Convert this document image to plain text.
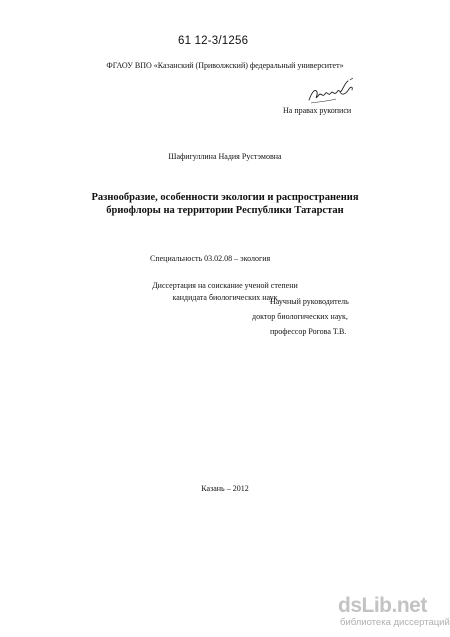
61 12-3/1256
ФГАОУ ВПО «Казанский (Приволжский) федеральный университет»
На правах рукописи
Шафигуллина Надия Рустэмовна
Разнообразие, особенности экологии и распространения
бриофлоры на территории Республики Татарстан
Специальность 03.02.08 – экология
Диссертация на соискание ученой степени
кандидата биологических наук
Научный руководитель
доктор биологических наук,
профессор Рогова Т.В.
Казань – 2012
dsLib.net
библиотека диссертаций
